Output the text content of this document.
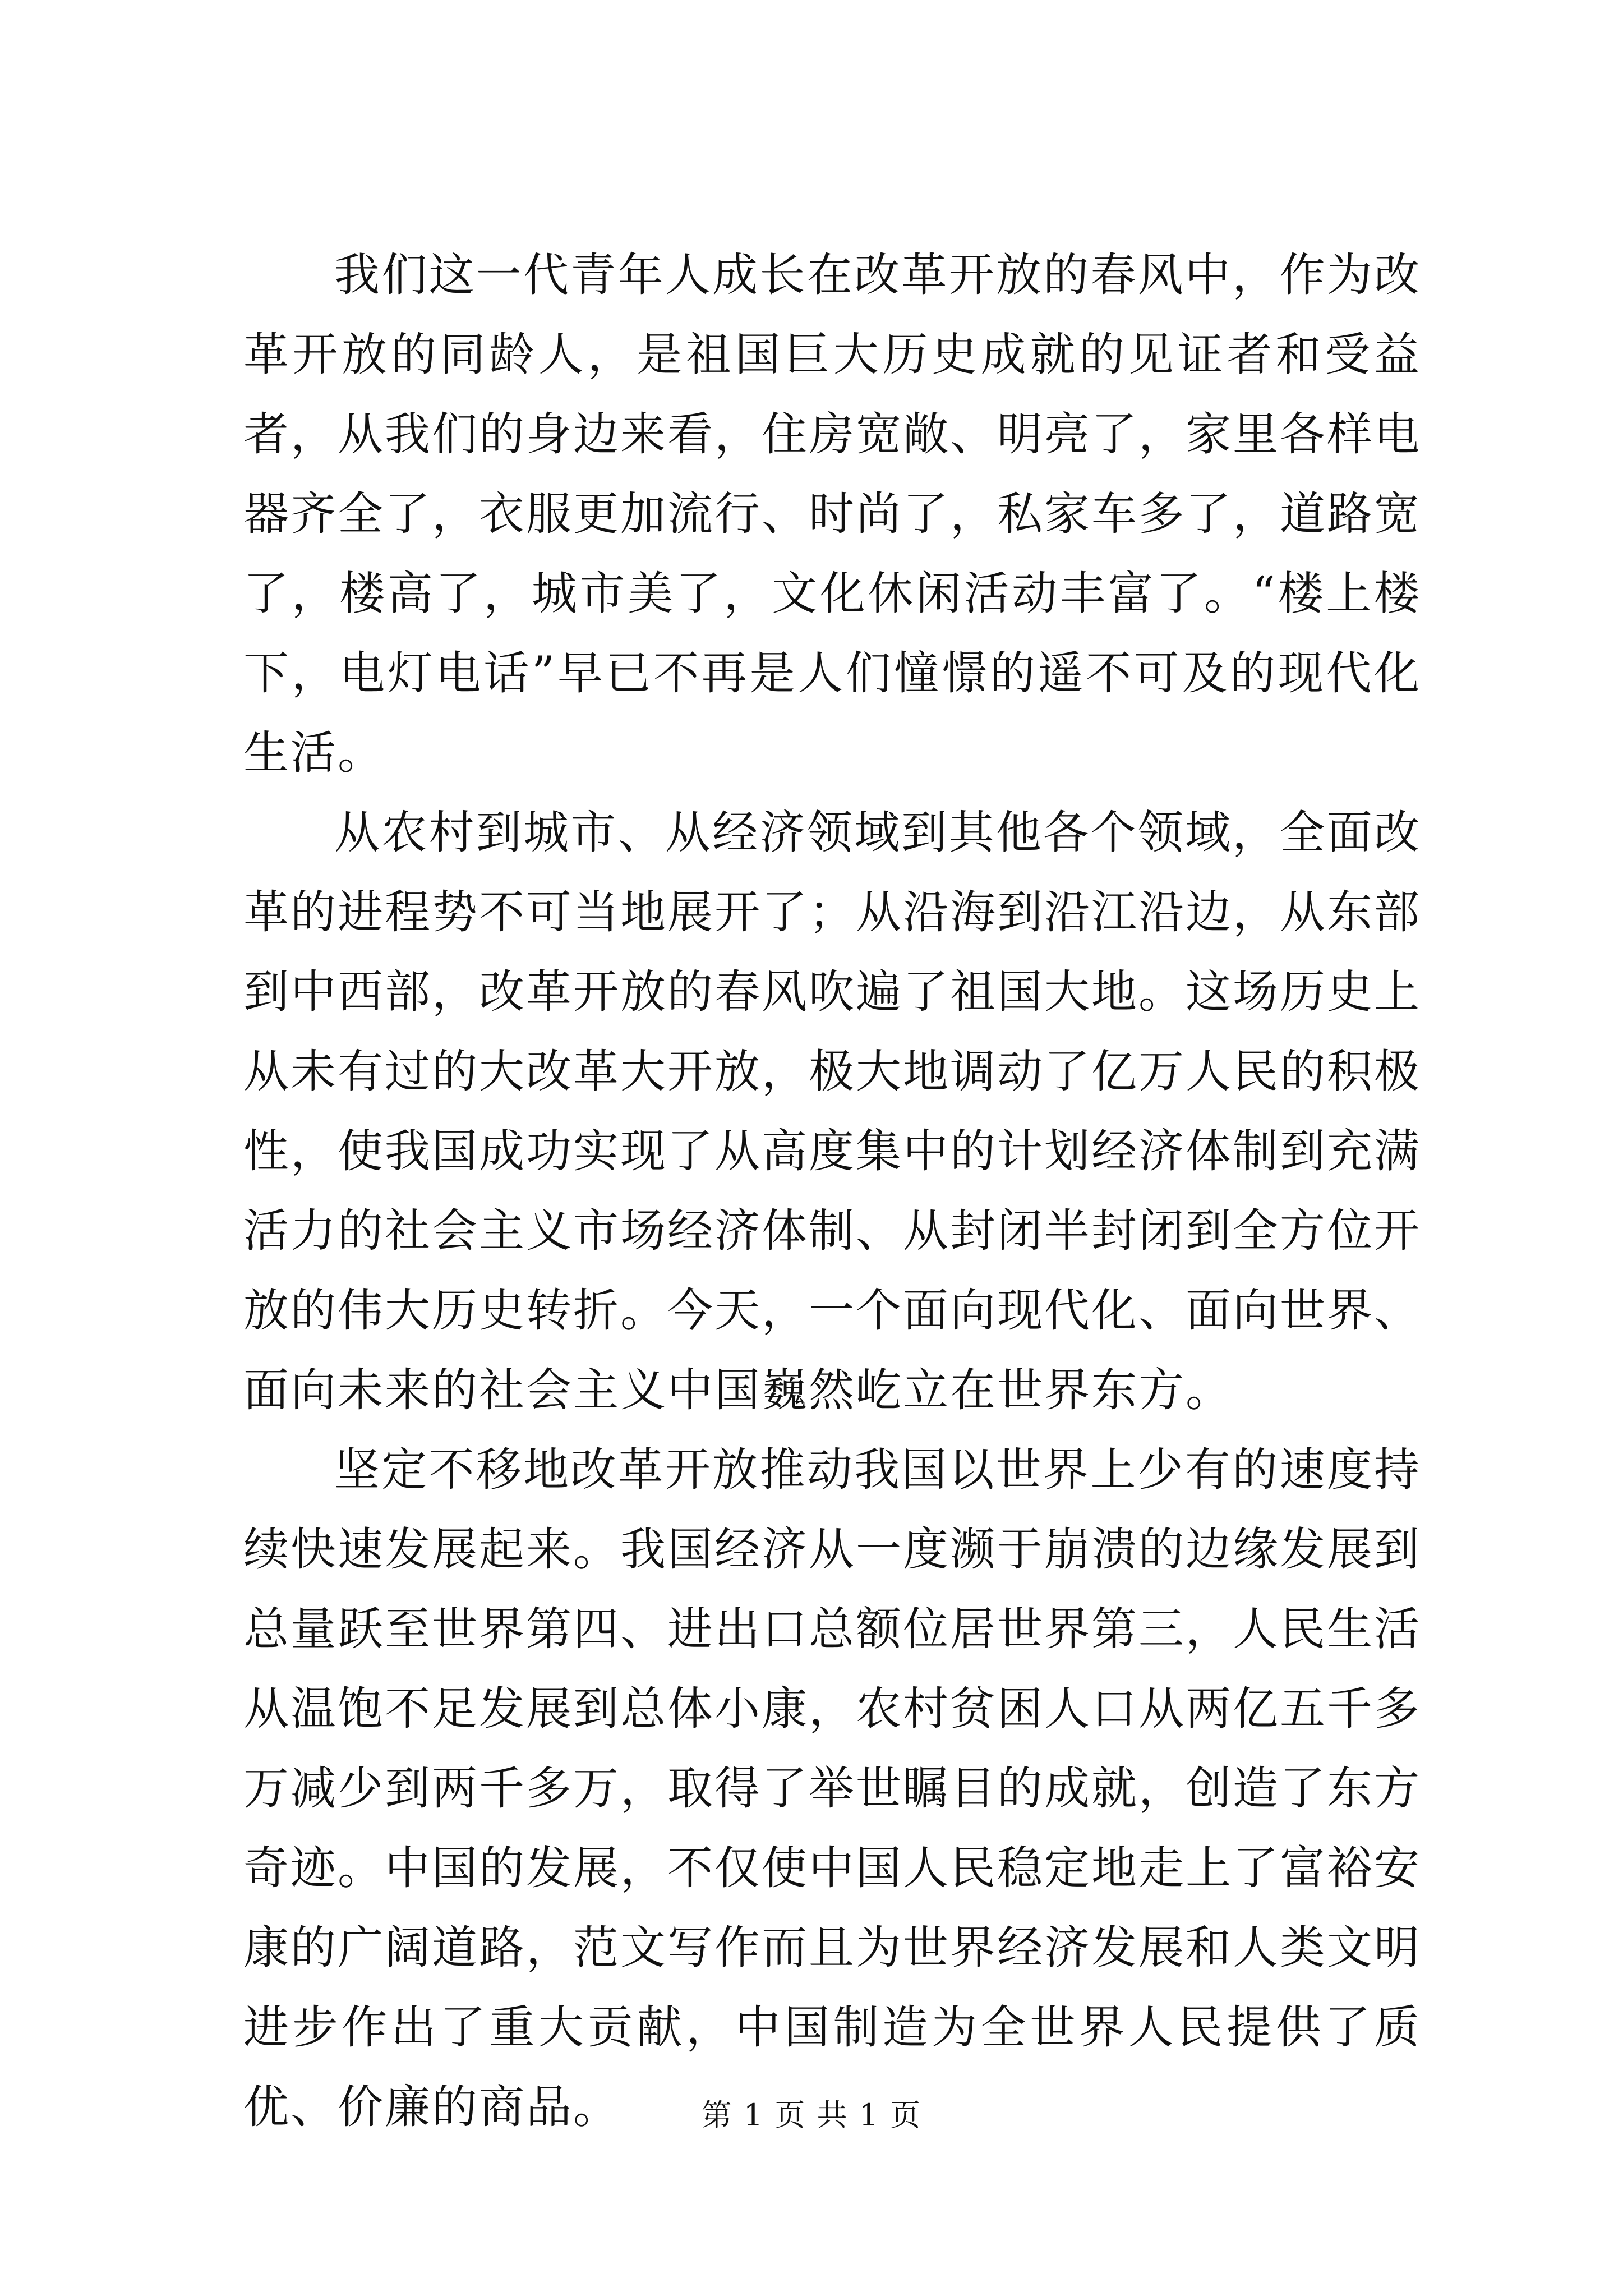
我们这一代青年人成长在改革开放的春风中，作为改革开放的同龄人，是祖国巨大历史成就的见证者和受益者，从我们的身边来看，住房宽敞、明亮了，家里各样电器齐全了，衣服更加流行、时尚了，私家车多了，道路宽了，楼高了，城市美了，文化休闲活动丰富了。“楼上楼下，电灯电话”早已不再是人们憧憬的遥不可及的现代化生活。

从农村到城市、从经济领域到其他各个领域，全面改革的进程势不可当地展开了；从沿海到沿江沿边，从东部到中西部，改革开放的春风吹遍了祖国大地。这场历史上从未有过的大改革大开放，极大地调动了亿万人民的积极性，使我国成功实现了从高度集中的计划经济体制到充满活力的社会主义市场经济体制、从封闭半封闭到全方位开放的伟大历史转折。今天，一个面向现代化、面向世界、面向未来的社会主义中国巍然屹立在世界东方。

坚定不移地改革开放推动我国以世界上少有的速度持续快速发展起来。我国经济从一度濒于崩溃的边缘发展到总量跃至世界第四、进出口总额位居世界第三，人民生活从温饱不足发展到总体小康，农村贫困人口从两亿五千多万减少到两千多万，取得了举世瞩目的成就，创造了东方奇迹。中国的发展，不仅使中国人民稳定地走上了富裕安康的广阔道路，范文写作而且为世界经济发展和人类文明进步作出了重大贡献，中国制造为全世界人民提供了质优、价廉的商品。	第 1 页 共 1 页
